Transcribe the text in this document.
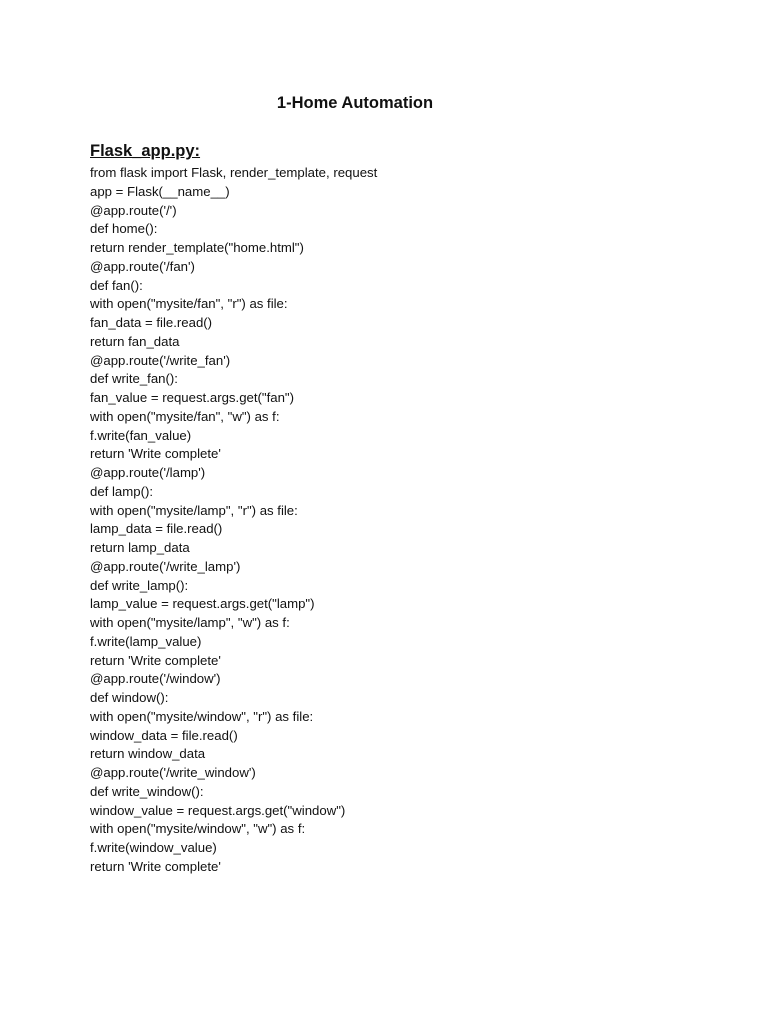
1-Home Automation
Flask_app.py:
from flask import Flask, render_template, request
app = Flask(__name__)
@app.route('/')
def home():
return render_template("home.html")
@app.route('/fan')
def fan():
with open("mysite/fan", "r") as file:
fan_data = file.read()
return fan_data
@app.route('/write_fan')
def write_fan():
fan_value = request.args.get("fan")
with open("mysite/fan", "w") as f:
f.write(fan_value)
return 'Write complete'
@app.route('/lamp')
def lamp():
with open("mysite/lamp", "r") as file:
lamp_data = file.read()
return lamp_data
@app.route('/write_lamp')
def write_lamp():
lamp_value = request.args.get("lamp")
with open("mysite/lamp", "w") as f:
f.write(lamp_value)
return 'Write complete'
@app.route('/window')
def window():
with open("mysite/window", "r") as file:
window_data = file.read()
return window_data
@app.route('/write_window')
def write_window():
window_value = request.args.get("window")
with open("mysite/window", "w") as f:
f.write(window_value)
return 'Write complete'
